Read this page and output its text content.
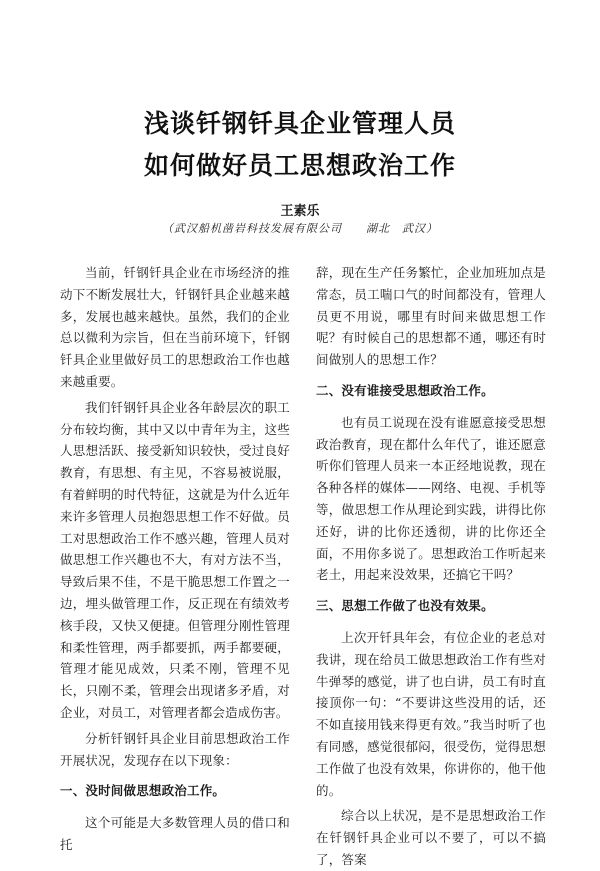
浅谈钎钢钎具企业管理人员
如何做好员工思想政治工作
王素乐
（武汉船机凿岩科技发展有限公司　　湖北　武汉）

当前，钎钢钎具企业在市场经济的推动下不断发展壮大，钎钢钎具企业越来越多，发展也越来越快。虽然，我们的企业总以微利为宗旨，但在当前环境下，钎钢钎具企业里做好员工的思想政治工作也越来越重要。

我们钎钢钎具企业各年龄层次的职工分布较均衡，其中又以中青年为主，这些人思想活跃、接受新知识较快，受过良好教育，有思想、有主见，不容易被说服，有着鲜明的时代特征，这就是为什么近年来许多管理人员抱怨思想工作不好做。员工对思想政治工作不感兴趣，管理人员对做思想工作兴趣也不大，有对方法不当，导致后果不佳，不是干脆思想工作置之一边，埋头做管理工作，反正现在有绩效考核手段，又快又便捷。但管理分刚性管理和柔性管理，两手都要抓，两手都要硬，管理才能见成效，只柔不刚，管理不见长，只刚不柔，管理会出现诸多矛盾，对企业，对员工，对管理者都会造成伤害。

分析钎钢钎具企业目前思想政治工作开展状况，发现存在以下现象：

一、没时间做思想政治工作。

这个可能是大多数管理人员的借口和托

辞，现在生产任务繁忙，企业加班加点是常态，员工喘口气的时间都没有，管理人员更不用说，哪里有时间来做思想工作呢？有时候自己的思想都不通，哪还有时间做别人的思想工作？

二、没有谁接受思想政治工作。

也有员工说现在没有谁愿意接受思想政治教育，现在都什么年代了，谁还愿意听你们管理人员来一本正经地说教，现在各种各样的媒体——网络、电视、手机等等，做思想工作从理论到实践，讲得比你还好，讲的比你还透彻，讲的比你还全面，不用你多说了。思想政治工作听起来老土，用起来没效果，还搞它干吗？

三、思想工作做了也没有效果。

上次开钎具年会，有位企业的老总对我讲，现在给员工做思想政治工作有些对牛弹琴的感觉，讲了也白讲，员工有时直接顶你一句：“不要讲这些没用的话，还不如直接用钱来得更有效。”我当时听了也有同感，感觉很郁闷，很受伤，觉得思想工作做了也没有效果，你讲你的，他干他的。

综合以上状况，是不是思想政治工作在钎钢钎具企业可以不要了，可以不搞了，答案
